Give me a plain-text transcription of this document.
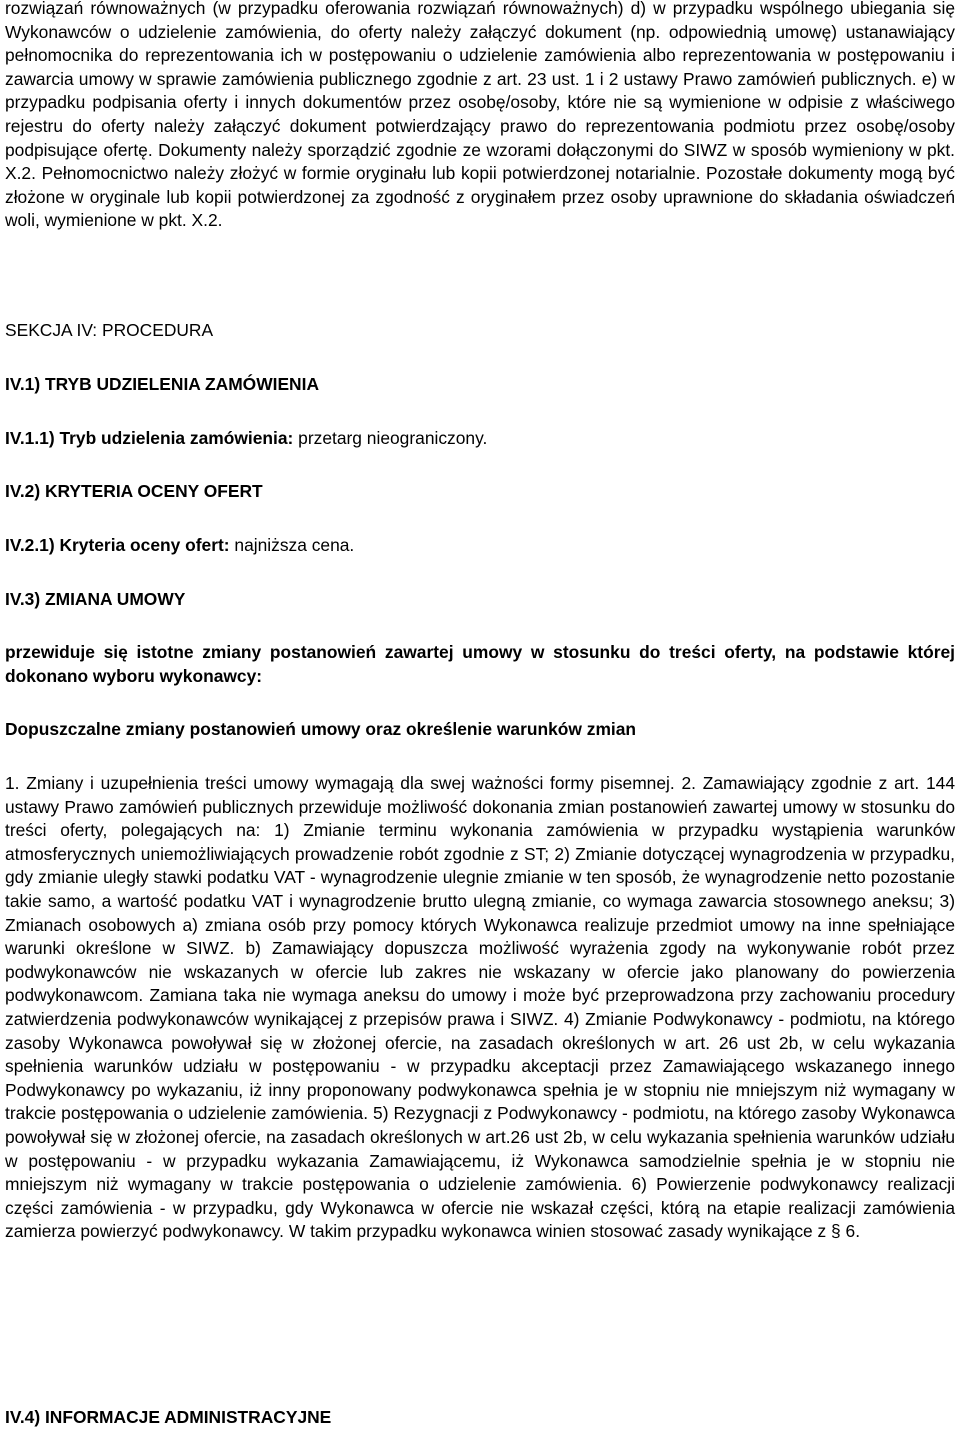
rozwiązań równoważnych (w przypadku oferowania rozwiązań równoważnych) d) w przypadku wspólnego ubiegania się Wykonawców o udzielenie zamówienia, do oferty należy załączyć dokument (np. odpowiednią umowę) ustanawiający pełnomocnika do reprezentowania ich w postępowaniu o udzielenie zamówienia albo reprezentowania w postępowaniu i zawarcia umowy w sprawie zamówienia publicznego zgodnie z art. 23 ust. 1 i 2 ustawy Prawo zamówień publicznych. e) w przypadku podpisania oferty i innych dokumentów przez osobę/osoby, które nie są wymienione w odpisie z właściwego rejestru do oferty należy załączyć dokument potwierdzający prawo do reprezentowania podmiotu przez osobę/osoby podpisujące ofertę. Dokumenty należy sporządzić zgodnie ze wzorami dołączonymi do SIWZ w sposób wymieniony w pkt. X.2. Pełnomocnictwo należy złożyć w formie oryginału lub kopii potwierdzonej notarialnie. Pozostałe dokumenty mogą być złożone w oryginale lub kopii potwierdzonej za zgodność z oryginałem przez osoby uprawnione do składania oświadczeń woli, wymienione w pkt. X.2.

SEKCJA IV: PROCEDURA

IV.1) TRYB UDZIELENIA ZAMÓWIENIA

IV.1.1) Tryb udzielenia zamówienia: przetarg nieograniczony.

IV.2) KRYTERIA OCENY OFERT

IV.2.1) Kryteria oceny ofert: najniższa cena.

IV.3) ZMIANA UMOWY

przewiduje się istotne zmiany postanowień zawartej umowy w stosunku do treści oferty, na podstawie której dokonano wyboru wykonawcy:

Dopuszczalne zmiany postanowień umowy oraz określenie warunków zmian

1. Zmiany i uzupełnienia treści umowy wymagają dla swej ważności formy pisemnej. 2. Zamawiający zgodnie z art. 144 ustawy Prawo zamówień publicznych przewiduje możliwość dokonania zmian postanowień zawartej umowy w stosunku do treści oferty, polegających na: 1) Zmianie terminu wykonania zamówienia w przypadku wystąpienia warunków atmosferycznych uniemożliwiających prowadzenie robót zgodnie z ST; 2) Zmianie dotyczącej wynagrodzenia w przypadku, gdy zmianie uległy stawki podatku VAT - wynagrodzenie ulegnie zmianie w ten sposób, że wynagrodzenie netto pozostanie takie samo, a wartość podatku VAT i wynagrodzenie brutto ulegną zmianie, co wymaga zawarcia stosownego aneksu; 3) Zmianach osobowych a) zmiana osób przy pomocy których Wykonawca realizuje przedmiot umowy na inne spełniające warunki określone w SIWZ. b) Zamawiający dopuszcza możliwość wyrażenia zgody na wykonywanie robót przez podwykonawców nie wskazanych w ofercie lub zakres nie wskazany w ofercie jako planowany do powierzenia podwykonawcom. Zamiana taka nie wymaga aneksu do umowy i może być przeprowadzona przy zachowaniu procedury zatwierdzenia podwykonawców wynikającej z przepisów prawa i SIWZ. 4) Zmianie Podwykonawcy - podmiotu, na którego zasoby Wykonawca powoływał się w złożonej ofercie, na zasadach określonych w art. 26 ust 2b, w celu wykazania spełnienia warunków udziału w postępowaniu - w przypadku akceptacji przez Zamawiającego wskazanego innego Podwykonawcy po wykazaniu, iż inny proponowany podwykonawca spełnia je w stopniu nie mniejszym niż wymagany w trakcie postępowania o udzielenie zamówienia. 5) Rezygnacji z Podwykonawcy - podmiotu, na którego zasoby Wykonawca powoływał się w złożonej ofercie, na zasadach określonych w art.26 ust 2b, w celu wykazania spełnienia warunków udziału w postępowaniu - w przypadku wykazania Zamawiającemu, iż Wykonawca samodzielnie spełnia je w stopniu nie mniejszym niż wymagany w trakcie postępowania o udzielenie zamówienia. 6) Powierzenie podwykonawcy realizacji części zamówienia - w przypadku, gdy Wykonawca w ofercie nie wskazał części, którą na etapie realizacji zamówienia zamierza powierzyć podwykonawcy. W takim przypadku wykonawca winien stosować zasady wynikające z § 6.

IV.4) INFORMACJE ADMINISTRACYJNE
